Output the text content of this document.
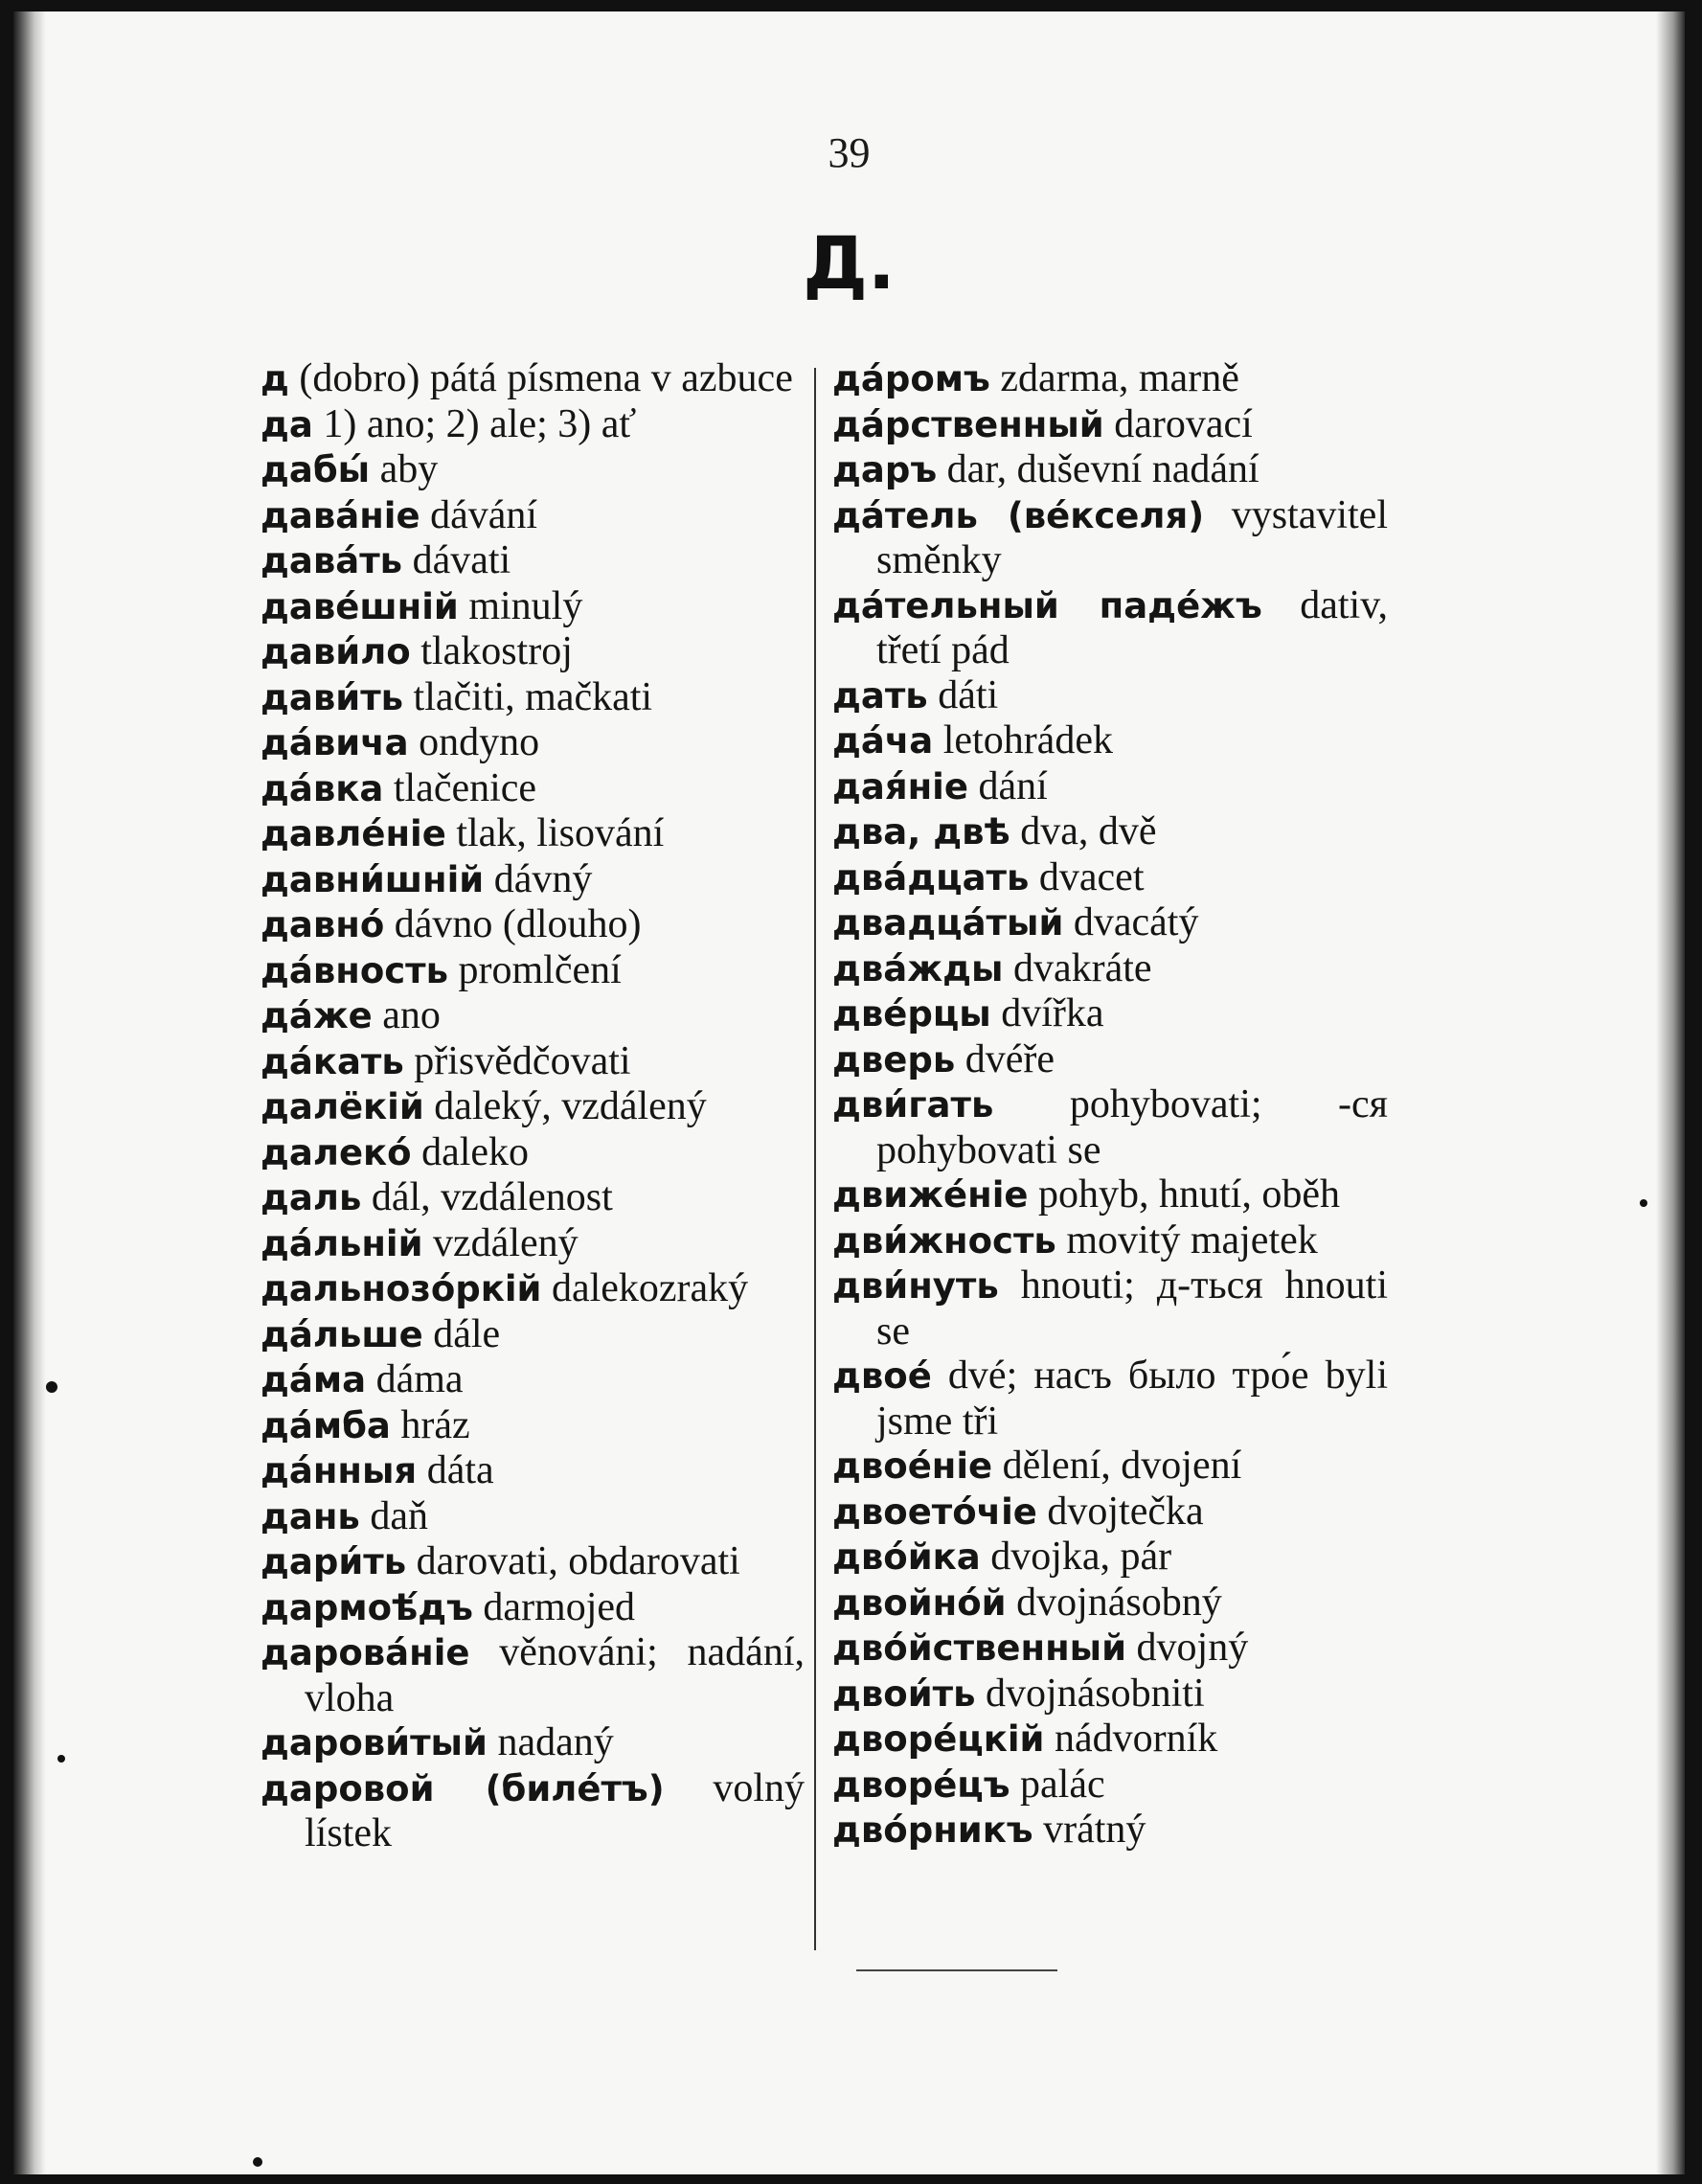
39
Д.
д (dobro) pátá písmena v azbuce
да 1) ano; 2) ale; 3) ať
дабы́ aby
дава́ніе dávání
дава́ть dávati
даве́шній minulý
дави́ло tlakostroj
дави́ть tlačiti, mačkati
да́вича ondyno
да́вка tlačenice
давле́ніе tlak, lisování
давни́шній dávný
давно́ dávno (dlouho)
да́вность promlčení
да́же ano
да́кать přisvědčovati
далёкій daleký, vzdálený
далеко́ daleko
даль dál, vzdálenost
да́льній vzdálený
дальнозо́ркій dalekozraký
да́льше dále
да́ма dáma
да́мба hráz
да́нныя dáta
дань daň
дари́ть darovati, obdarovati
дармоѣ́дъ darmojed
дарова́ніе věnováni; nadání, vloha
дарови́тый nadaný
даровой (биле́тъ) volný lístek
да́ромъ zdarma, marně
да́рственный darovací
даръ dar, duševní nadání
да́тель (ве́кселя) vystavitel směnky
да́тельный паде́жъ dativ, třetí pád
дать dáti
да́ча letohrádek
дая́ніе dání
два, двѣ dva, dvě
два́дцать dvacet
двадца́тый dvacátý
два́жды dvakráte
две́рцы dvířka
дверь dvéře
дви́гать pohybovati; -ся pohybovati se
движе́ніе pohyb, hnutí, oběh
дви́жность movitý majetek
дви́нуть hnouti; д-ться hnouti se
двое́ dvé; насъ было тро́е byli jsme tři
двое́ніе dělení, dvojení
двоето́чіе dvojtečka
дво́йка dvojka, pár
двойно́й dvojnásobný
дво́йственный dvojný
двои́ть dvojnásobniti
дворе́цкій nádvorník
дворе́цъ palác
дво́рникъ vrátný
